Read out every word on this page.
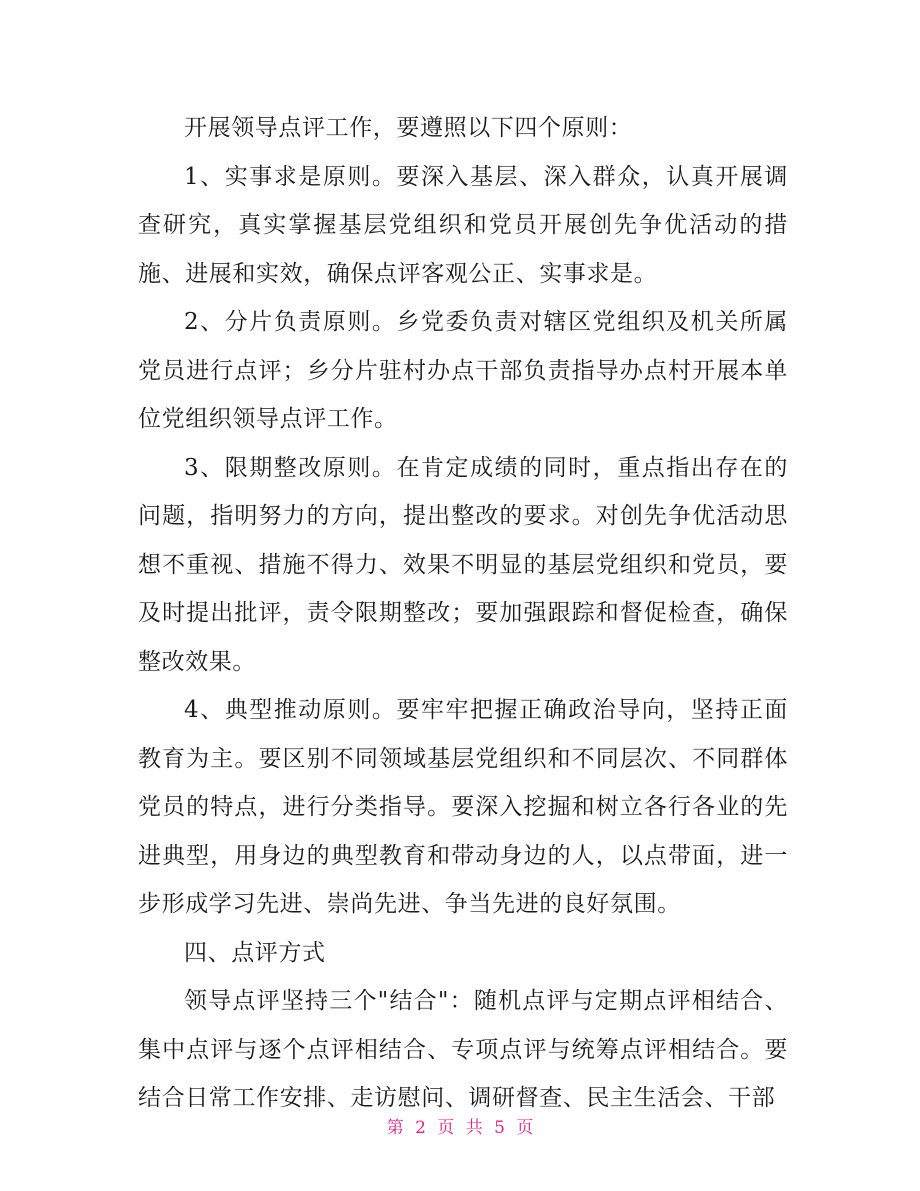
开展领导点评工作，要遵照以下四个原则：

1、实事求是原则。要深入基层、深入群众，认真开展调查研究，真实掌握基层党组织和党员开展创先争优活动的措施、进展和实效，确保点评客观公正、实事求是。

2、分片负责原则。乡党委负责对辖区党组织及机关所属党员进行点评；乡分片驻村办点干部负责指导办点村开展本单位党组织领导点评工作。

3、限期整改原则。在肯定成绩的同时，重点指出存在的问题，指明努力的方向，提出整改的要求。对创先争优活动思想不重视、措施不得力、效果不明显的基层党组织和党员，要及时提出批评，责令限期整改；要加强跟踪和督促检查，确保整改效果。

4、典型推动原则。要牢牢把握正确政治导向，坚持正面教育为主。要区别不同领域基层党组织和不同层次、不同群体党员的特点，进行分类指导。要深入挖掘和树立各行各业的先进典型，用身边的典型教育和带动身边的人，以点带面，进一步形成学习先进、崇尚先进、争当先进的良好氛围。

四、点评方式

领导点评坚持三个"结合"：随机点评与定期点评相结合、集中点评与逐个点评相结合、专项点评与统筹点评相结合。要结合日常工作安排、走访慰问、调研督查、民主生活会、干部

第 2 页 共 5 页
